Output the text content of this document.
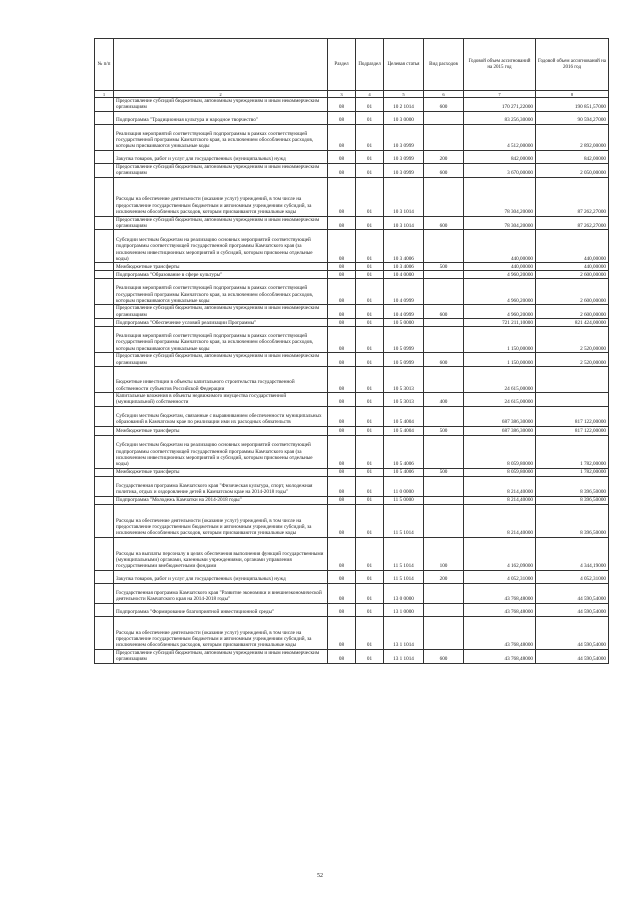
№ п/п		Раздел	Подраздел	Целевая статья	Вид расходов	Годовой объем ассигнований на 2015 год	Годовой объем ассигнований на 2016 год
1	2	3	4	5	6	7	8
	Предоставление субсидий бюджетным, автономным учреждениям и иным некоммерческим организациям	08	01	10 2 1014	600	170 271,22000	190 851,57000
	Подпрограмма "Традиционная культура и народное творчество"	08	01	10 3 0000		83 256,30000	90 594,27000
	Реализация мероприятий соответствующей подпрограммы в рамках соответствующей государственной программы Камчатского края, за исключением обособленных расходов, которым присваиваются уникальные коды	08	01	10 3 0999		4 512,00000	2 892,00000
	Закупка товаров, работ и услуг для государственных (муниципальных) нужд	08	01	10 3 0999	200	842,00000	842,00000
	Предоставление субсидий бюджетным, автономным учреждениям и иным некоммерческим организациям	08	01	10 3 0999	600	3 670,00000	2 050,00000
	Расходы на обеспечение деятельности (оказание услуг) учреждений, в том числе на предоставление государственным бюджетным и автономным учреждениям субсидий, за исключением обособленных расходов, которым присваиваются уникальные коды	08	01	10 3 1014		78 304,20000	87 262,27000
	Предоставление субсидий бюджетным, автономным учреждениям и иным некоммерческим организациям	08	01	10 3 1014	600	78 304,20000	87 262,27000
	Субсидии местным бюджетам на реализацию основных мероприятий соответствующей подпрограммы соответствующей государственной программы Камчатского края (за исключением инвестиционных мероприятий и субсидий, которым присвоены отдельные коды)	08	01	10 3 4006		440,00000	440,00000
	Межбюджетные трансферты	08	01	10 3 4006	500	440,00000	440,00000
	Подпрограмма "Образование в сфере культуры"	08	01	10 4 0000		4 960,20000	2 600,00000
	Реализация мероприятий соответствующей подпрограммы в рамках соответствующей государственной программы Камчатского края, за исключением обособленных расходов, которым присваиваются уникальные коды	08	01	10 4 0999		4 960,20000	2 600,00000
	Предоставление субсидий бюджетным, автономным учреждениям и иным некоммерческим организациям	08	01	10 4 0999	600	4 960,20000	2 600,00000
	Подпрограмма "Обеспечение условий реализации Программы"	08	01	10 5 0000		721 211,10000	821 424,00000
	Реализация мероприятий соответствующей подпрограммы в рамках соответствующей государственной программы Камчатского края, за исключением обособленных расходов, которым присваиваются уникальные коды	08	01	10 5 0999		1 150,00000	2 520,00000
	Предоставление субсидий бюджетным, автономным учреждениям и иным некоммерческим организациям	08	01	10 5 0999	600	1 150,00000	2 520,00000
	Бюджетные инвестиции в объекты капитального строительства государственной собственности субъектов Российской Федерации	08	01	10 5 3013		24 615,00000	
	Капитальные вложения в объекты недвижимого имущества государственной (муниципальной) собственности	08	01	10 5 3013	400	24 615,00000	
	Субсидии местным бюджетам, связанные с выравниванием обеспеченности муниципальных образований в Камчатском крае по реализации ими их расходных обязательств	08	01	10 5 4004		687 386,30000	817 122,00000
	Межбюджетные трансферты	08	01	10 5 4004	500	687 386,30000	817 122,00000
	Субсидии местным бюджетам на реализацию основных мероприятий соответствующей подпрограммы соответствующей государственной программы Камчатского края (за исключением инвестиционных мероприятий и субсидий, которым присвоены отдельные коды)	08	01	10 5 4006		8 059,80000	1 782,00000
	Межбюджетные трансферты	08	01	10 5 4006	500	8 059,80000	1 782,00000
	Государственная программа Камчатского края "Физическая культура, спорт, молодежная политика, отдых и оздоровление детей в Камчатском крае на 2014-2018 годы"	08	01	11 0 0000		8 214,40000	8 396,50000
	Подпрограмма "Молодежь Камчатки на 2014-2018 годы"	08	01	11 5 0000		8 214,40000	8 396,50000
	Расходы на обеспечение деятельности (оказание услуг) учреждений, в том числе на предоставление государственным бюджетным и автономным учреждениям субсидий, за исключением обособленных расходов, которым присваиваются уникальные коды	08	01	11 5 1014		8 214,40000	8 396,50000
	Расходы на выплаты персоналу в целях обеспечения выполнения функций государственными (муниципальными) органами, казенными учреждениями, органами управления государственными внебюджетными фондами	08	01	11 5 1014	100	4 162,09000	4 344,19000
	Закупка товаров, работ и услуг для государственных (муниципальных) нужд	08	01	11 5 1014	200	4 052,31000	4 052,31000
	Государственная программа Камчатского края "Развитие экономики и внешнеэкономической деятельности Камчатского края на 2014-2018 годы"	08	01	13 0 0000		43 768,48000	44 590,54000
	Подпрограмма "Формирование благоприятной инвестиционной среды"	08	01	13 1 0000		43 768,48000	44 590,54000
	Расходы на обеспечение деятельности (оказание услуг) учреждений, в том числе на предоставление государственным бюджетным и автономным учреждениям субсидий, за исключением обособленных расходов, которым присваиваются уникальные коды	08	01	13 1 1014		43 768,48000	44 590,54000
	Предоставление субсидий бюджетным, автономным учреждениям и иным некоммерческим организациям	08	01	13 1 1014	600	43 768,48000	44 590,54000
52
